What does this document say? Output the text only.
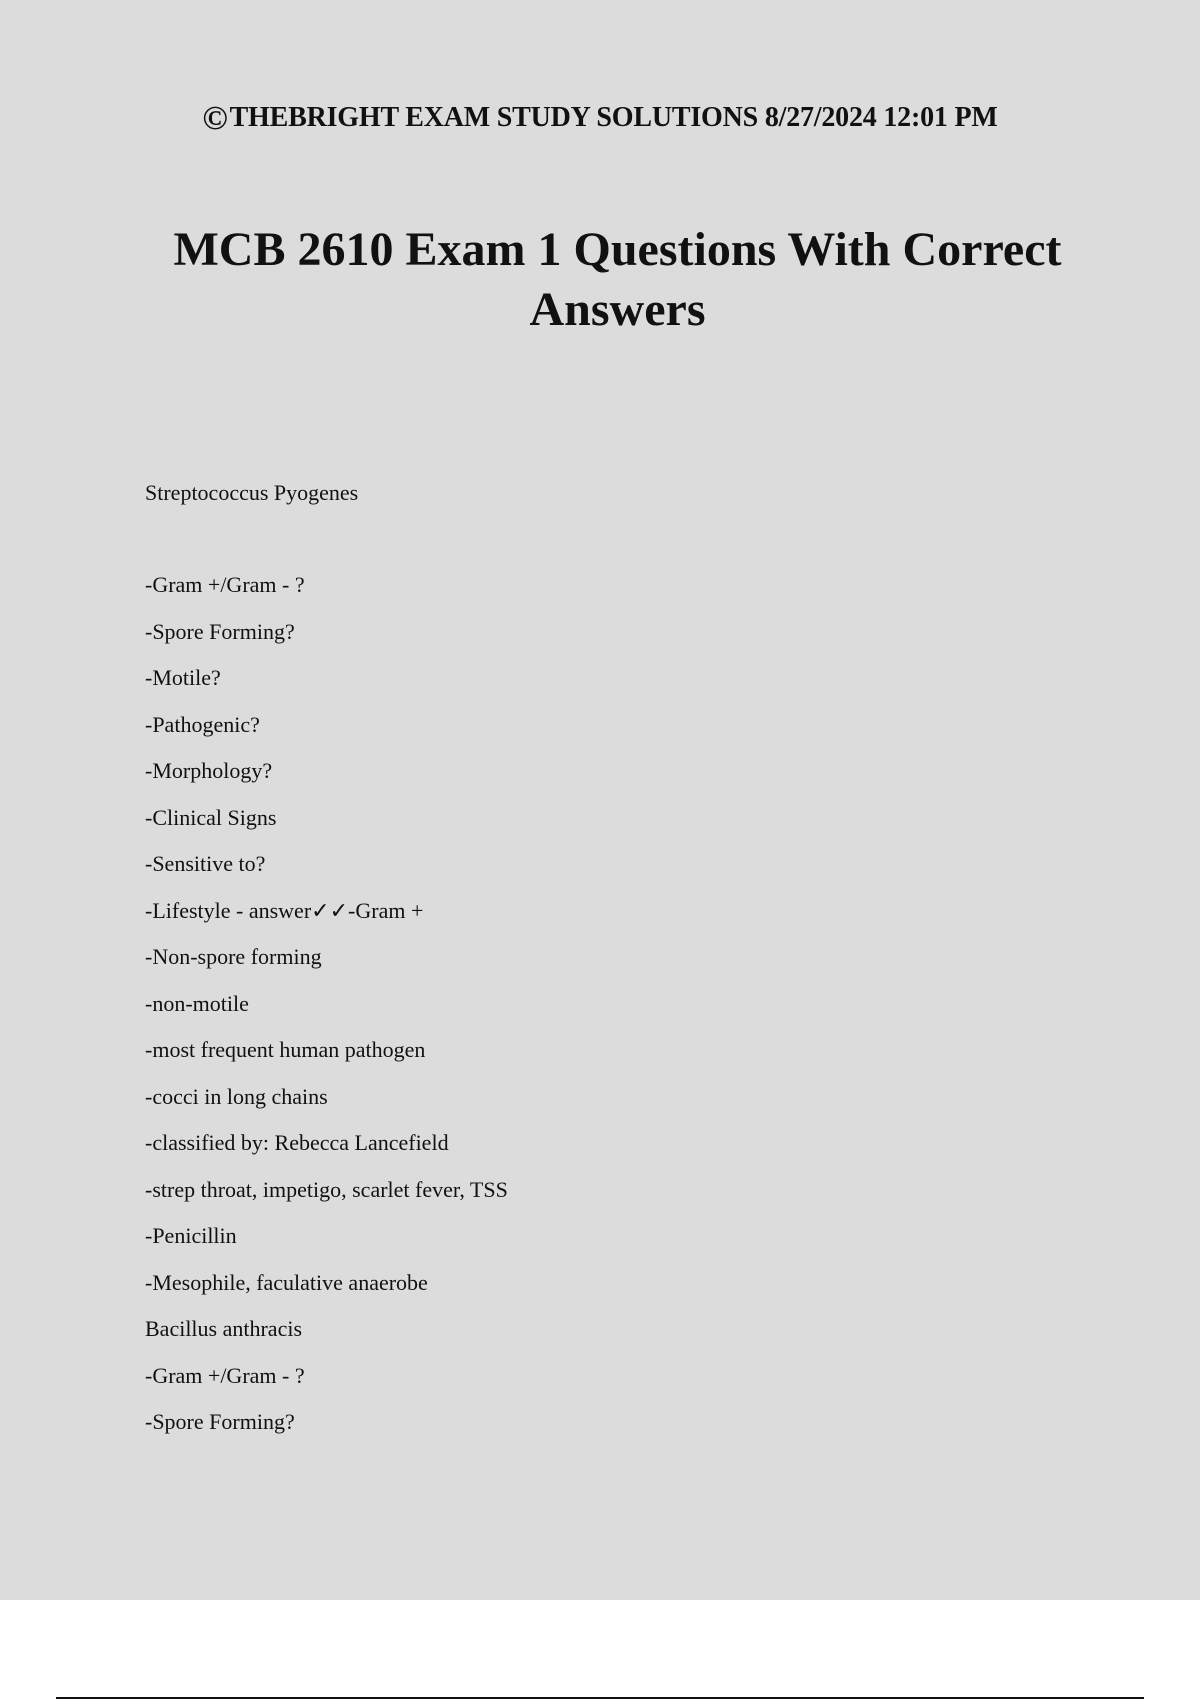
©THEBRIGHT EXAM STUDY SOLUTIONS 8/27/2024 12:01 PM
MCB 2610 Exam 1 Questions With Correct Answers
Streptococcus Pyogenes
-Gram +/Gram - ?
-Spore Forming?
-Motile?
-Pathogenic?
-Morphology?
-Clinical Signs
-Sensitive to?
-Lifestyle - answer✓✓-Gram +
-Non-spore forming
-non-motile
-most frequent human pathogen
-cocci in long chains
-classified by: Rebecca Lancefield
-strep throat, impetigo, scarlet fever, TSS
-Penicillin
-Mesophile, faculative anaerobe
Bacillus anthracis
-Gram +/Gram - ?
-Spore Forming?
